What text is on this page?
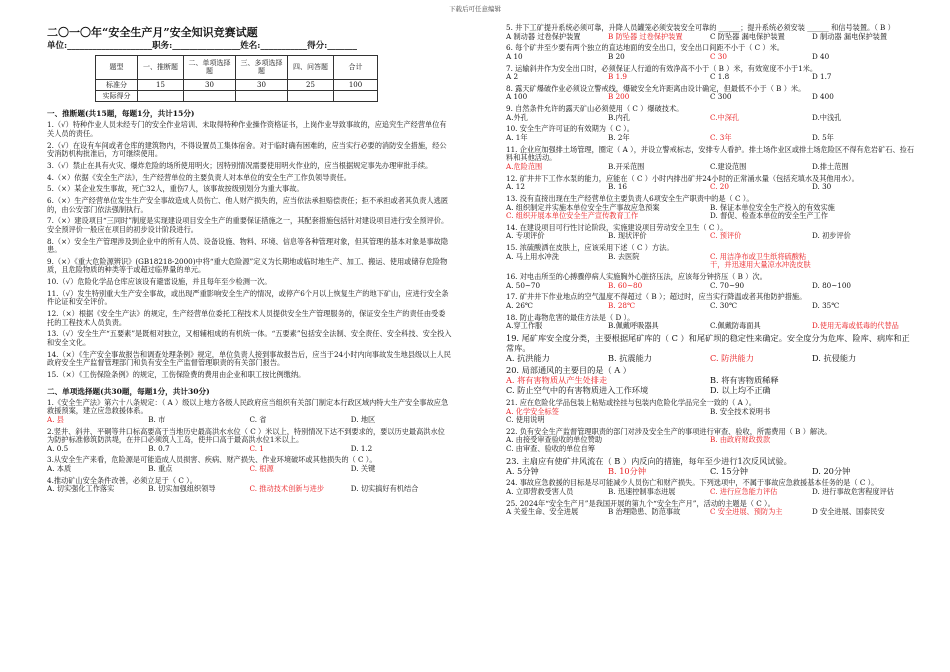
下载后可任意编辑
二〇一〇年“安全生产月”安全知识竞赛试题
单位:____________________职务:________________姓名:___________得分:_______
题型	一、推断题	二、单项选择题	三、多项选择题	四、问答题	合计
标准分	15	30	30	25	100
实际得分					
一、推断题(共15题，每题1分，共计15分)
1.（√）特种作业人员未经专门的安全作业培训、未取得特种作业操作资格证书，上岗作业导致事故的，应追究生产经营单位有关人员的责任。
2.（√）在设有车间或者仓库的建筑物内，不得设置员工集体宿舍。对于临时确有困难的，应当实行必要的消防安全措施，经公安消防机构批准后，方可继续使用。
3.（√）禁止在具有火灾、爆炸危险的场所使用明火；因特别情况需要使用明火作业的，应当根据规定事先办理审批手续。
4.（×）依据《安全生产法》，生产经营单位的主要负责人对本单位的安全生产工作负领导责任。
5.（×）某企业发生事故，死亡32人，重伤7人，该事故按级别划分为重大事故。
6.（×）生产经营单位发生生产安全事故造成人员伤亡、他人财产损失的，应当依法承担赔偿责任；拒不承担或者其负责人逃匿的，由公安部门依法强制执行。
7.（×）建设项目“三同时”制度是实现建设项目安全生产的重要保证措施之一，其配套措施包括针对建设项目进行安全预评价。安全预评价一般应在项目的初步设计阶段进行。
8.（×）安全生产管理涉及到企业中的所有人员、设备设施、物料、环境、信息等各种管理对象，但其管理的基本对象是事故隐患。
9.（×）《重大危险源辨识》(GB18218-2000)中将“重大危险源”定义为长期地或临时地生产、加工、搬运、使用或储存危险物质，且危险物质的种类等于或超过临界量的单元。
10.（√）危险化学品仓库应该设有避雷设施，并且每年至少检测一次。
11.（√）发生特别重大生产安全事故，或出现严重影响安全生产的情况，或停产6个月以上恢复生产的地下矿山，应进行安全条件论证和安全评价。
12.（×）根据《安全生产法》的规定，生产经营单位委托工程技术人员提供安全生产管理服务的，保证安全生产的责任由受委托的工程技术人员负责。
13.（√）安全生产“五要素”是既相对独立，又相辅相成的有机统一体。“五要素”包括安全法制、安全责任、安全科技、安全投入和安全文化。
14.（×）《生产安全事故报告和调查处理条例》规定，单位负责人接到事故报告后，应当于24小时内向事故发生地县级以上人民政府安全生产监督管理部门和负有安全生产监督管理职责的有关部门报告。
15.（×）《工伤保险条例》的规定，工伤保险费的费用由企业和职工按比例缴纳。
二、单项选择题(共30题，每题1分，共计30分)
1.《安全生产法》第六十八条规定：（ A ）级以上地方各级人民政府应当组织有关部门制定本行政区域内特大生产安全事故应急救援预案，建立应急救援体系。
A. 县	B. 市	C. 省	D. 地区
2.竖井、斜井、平硐等井口标高要高于当地历史最高洪水水位（ C ）米以上，特别情况下达不到要求的，要以历史最高洪水位为防护标准修筑防洪堤，在井口必须筑人工岛，使井口高于最高洪水位1米以上。
A. 0.5	B. 0.7	C. 1	D. 1.2
3.从安全生产来看，危险源是可能造成人员损害、疾病、财产损失、作业环境破坏或其他损失的（ C ）。
A. 本质	B. 重点	C. 根源	D. 关键
4.推动矿山安全条件改善，必须立足于（ C ）。
A. 切实强化工作落实	B. 切实加强组织领导	C. 推动技术创新与进步	D. 切实搞好有机结合
5. 井下工矿提升系统必须可靠，升降人员罐笼必须安装安全可靠的 ______；提升系统必须安装 ______ 和信号装置。（ B ）
A 制动器 过卷保护装置	B 防坠器 过卷保护装置	C 防坠器 漏电保护装置	D 制动器 漏电保护装置
6. 每个矿井至少要有两个独立的直达地面的安全出口，安全出口间距不小于（ C ）米。
A 10	B 20	C 30	D 40
7. 运输斜井作为安全出口时，必须保证人行道的有效净高不小于（ B ）米，有效宽度不小于1米。
A 2	B 1.9	C 1.8	D 1.7
8. 露天矿爆破作业必须设立警戒线，爆破安全允许距离由设计确定，但最低不小于（ B ）米。
A 100	B 200	C 300	D 400
9. 自然条件允许的露天矿山必须使用（ C ）爆破技术。
A.外孔	B.内孔	C.中深孔	D.中浅孔
10. 安全生产许可证的有效期为（ C ）。
A. 1年	B. 2年	C. 3年	D. 5年
11. 企业应加强排土场管理，圈定（ A ），并设立警戒标志，安排专人看护。排土场作业区或排土场危险区不得有危岩矿石、捡石料和其他活动。
A.危险范围	B.开采范围	C.建设范围	D.排土范围
12. 矿井井下工作水泵的能力，应能在（ C ）小时内排出矿井24小时的正常涌水量（包括充填水及其他用水）。
A. 12	B. 16	C. 20	D. 30
13. 没有直接出现在生产经营单位主要负责人6项安全生产职责中的是（ C ）。
A. 组织制定并实施本单位安全生产事故应急预案	B. 保证本单位安全生产投入的有效实施
C. 组织开展本单位安全生产宣传教育工作	D. 督促、检查本单位的安全生产工作
14. 在建设项目可行性讨论阶段，实施建设项目劳动安全卫生（ C ）。
A. 专项评价	B. 现状评价	C. 预评价	D. 初步评价
15. 浓硫酸洒在皮肤上，应该采用下述（ C ）方法。
A. 马上用水冲洗	B. 去医院	C. 用洁净布或卫生纸将硫酸粘干，并迅速用大量凉水冲洗皮肤
16. 对电击所至的心搏骤停病人实施胸外心脏挤压法，应该每分钟挤压（ B ）次。
A. 50~70	B. 60~80	C. 70~90	D. 80~100
17. 矿井井下作业地点的空气温度不得超过（ B ）；超过时，应当实行降温或者其他防护措施。
A. 26℃	B. 28℃	C. 30℃	D. 35℃
18. 防止毒物危害的最佳方法是（ D ）。
A.穿工作服	B.佩戴呼吸器具	C.佩戴防毒面具	D.使用无毒或低毒的代替品
19. 尾矿库安全度分类，主要根据尾矿库的（ C ）和尾矿坝的稳定性来确定。安全度分为危库、险库、病库和正常库。
A. 抗洪能力	B. 抗震能力	C. 防洪能力	D. 抗侵能力
20. 局部通风的主要目的是（ A ）
A. 将有害物质从产生处排走	B. 将有害物质稀释
C. 防止空气中的有害物质进入工作环境	D. 以上均不正确
21. 应在危险化学品包装上粘贴或拴挂与包装内危险化学品完全一致的（ A ）。
A. 化学安全标签	B. 安全技术说明书
C. 使用说明
22. 负有安全生产监督管理职责的部门对涉及安全生产的事项进行审查、验收，所需费用（ B ）解决。
A. 由接受审查验收的单位赞助	B. 由政府财政拨款
C. 由审查、验收的单位自筹
23. 主扇应有使矿井风流在（ B ）内反向的措施，每年至少进行1次反风试验。
A. 5分钟	B. 10分钟	C. 15分钟	D. 20分钟
24. 事故应急救援的目标是尽可能减少人员伤亡和财产损失。下列选项中，不属于事故应急救援基本任务的是（ C ）。
A. 立即营救受害人员	B. 迅速控制事态进展	C. 进行应急能力评估	D. 进行事故危害程度评估
25. 2024年“安全生产月”是我国开展的第九个“安全生产月”，活动的主题是（ C ）。
A 关爱生命、安全进展	B 治理隐患、防范事故	C 安全进展、预防为主	D 安全进展、国泰民安
